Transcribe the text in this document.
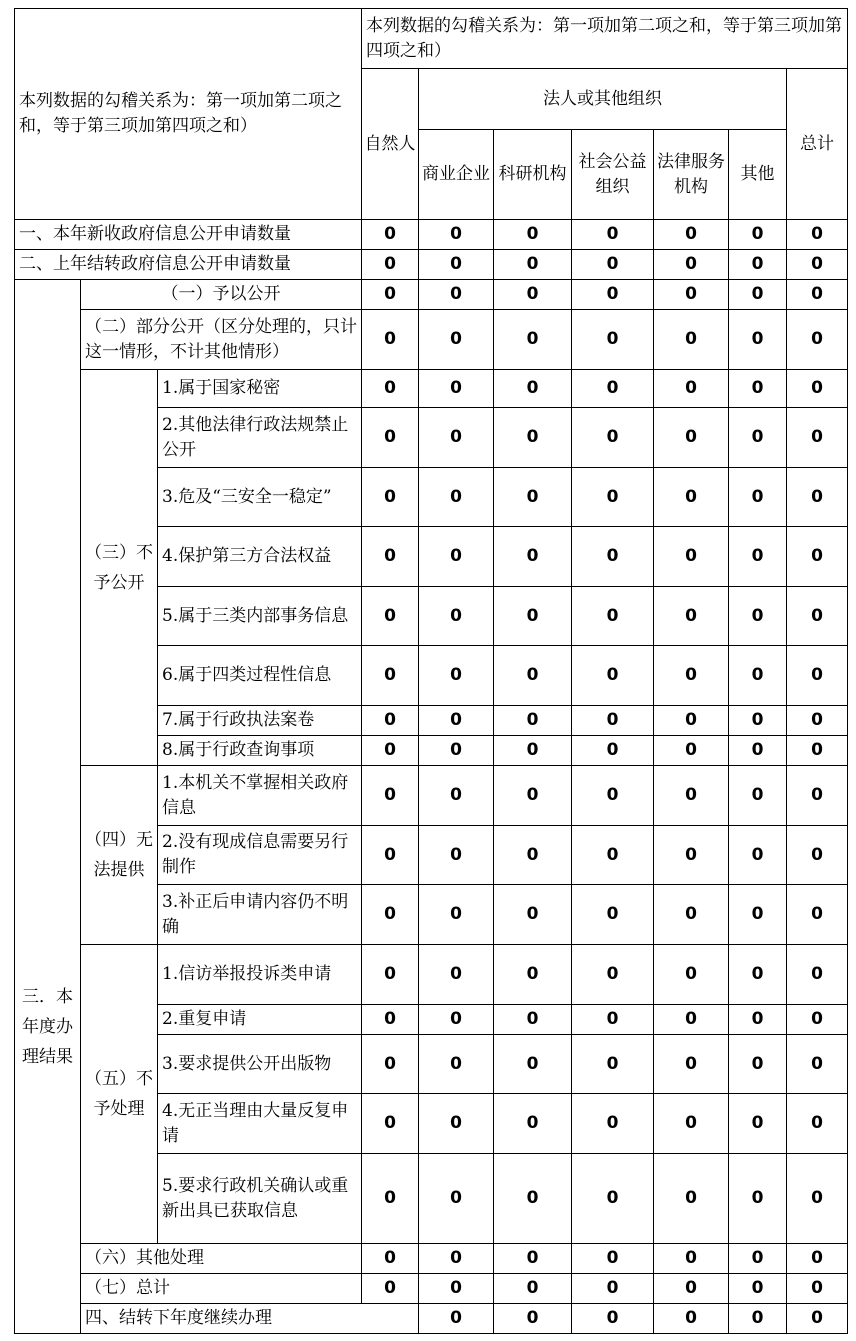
本列数据的勾稽关系为：第一项加第二项之和，等于第三项加第四项之和）			本列数据的勾稽关系为：第一项加第二项之和，等于第三项加第四项之和）							
			自然人	法人或其他组织					总计	
				商业企业	科研机构	社会公益组织	法律服务机构	其他		
一、本年新收政府信息公开申请数量			0	0	0	0	0	0	0	
二、上年结转政府信息公开申请数量			0	0	0	0	0	0	0	
三．本年度办理结果	（一）予以公开		0	0	0	0	0	0	0	
	（二）部分公开（区分处理的，只计这一情形，不计其他情形）		0	0	0	0	0	0	0	
	（三）不予公开	1.属于国家秘密	0	0	0	0	0	0	0	
		2.其他法律行政法规禁止公开	0	0	0	0	0	0	0	
		3.危及“三安全一稳定”	0	0	0	0	0	0	0	
		4.保护第三方合法权益	0	0	0	0	0	0	0	
		5.属于三类内部事务信息	0	0	0	0	0	0	0	
		6.属于四类过程性信息	0	0	0	0	0	0	0	
		7.属于行政执法案卷	0	0	0	0	0	0	0	
		8.属于行政查询事项	0	0	0	0	0	0	0	
	（四）无法提供	1.本机关不掌握相关政府信息	0	0	0	0	0	0	0	
		2.没有现成信息需要另行制作	0	0	0	0	0	0	0	
		3.补正后申请内容仍不明确	0	0	0	0	0	0	0	
	（五）不予处理	1.信访举报投诉类申请	0	0	0	0	0	0	0	
		2.重复申请	0	0	0	0	0	0	0	
		3.要求提供公开出版物	0	0	0	0	0	0	0	
		4.无正当理由大量反复申请	0	0	0	0	0	0	0	
		5.要求行政机关确认或重新出具已获取信息	0	0	0	0	0	0	0	
	（六）其他处理		0	0	0	0	0	0	0	
	（七）总计		0	0	0	0	0	0	0	
	四、结转下年度继续办理			0	0	0	0	0	0	
